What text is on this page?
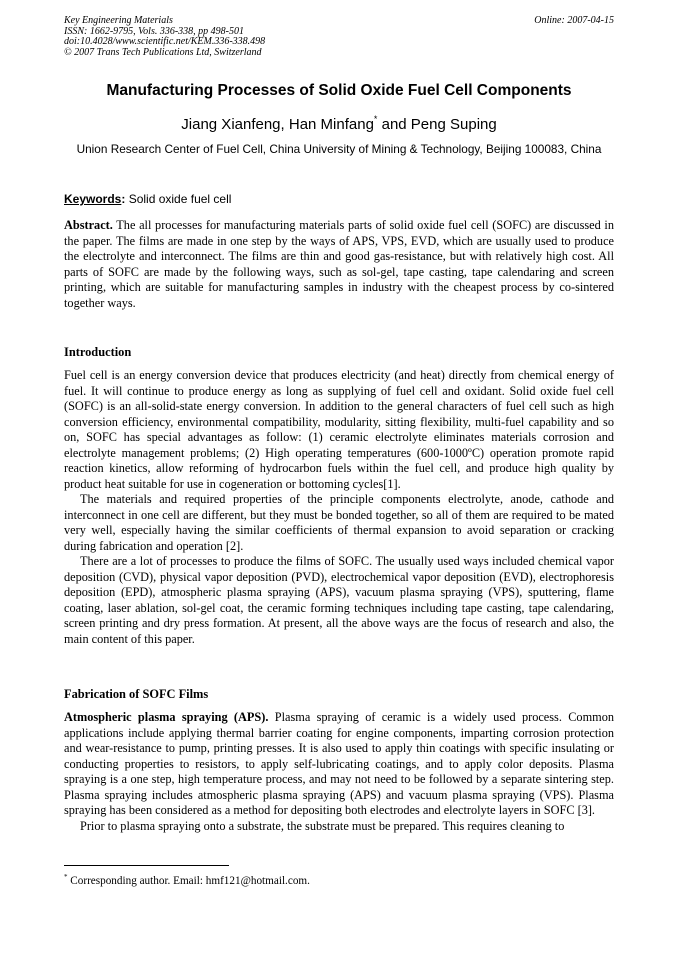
Key Engineering Materials
ISSN: 1662-9795, Vols. 336-338, pp 498-501
doi:10.4028/www.scientific.net/KEM.336-338.498
© 2007 Trans Tech Publications Ltd, Switzerland
Online: 2007-04-15
Manufacturing Processes of Solid Oxide Fuel Cell Components
Jiang Xianfeng, Han Minfang* and Peng Suping
Union Research Center of Fuel Cell, China University of Mining & Technology, Beijing 100083, China
Keywords: Solid oxide fuel cell

Abstract. The all processes for manufacturing materials parts of solid oxide fuel cell (SOFC) are discussed in the paper. The films are made in one step by the ways of APS, VPS, EVD, which are usually used to produce the electrolyte and interconnect. The films are thin and good gas-resistance, but with relatively high cost. All parts of SOFC are made by the following ways, such as sol-gel, tape casting, tape calendaring and screen printing, which are suitable for manufacturing samples in industry with the cheapest process by co-sintered together ways.

Introduction

Fuel cell is an energy conversion device that produces electricity (and heat) directly from chemical energy of fuel. It will continue to produce energy as long as supplying of fuel cell and oxidant. Solid oxide fuel cell (SOFC) is an all-solid-state energy conversion. In addition to the general characters of fuel cell such as high conversion efficiency, environmental compatibility, modularity, sitting flexibility, multi-fuel capability and so on, SOFC has special advantages as follow: (1) ceramic electrolyte eliminates materials corrosion and electrolyte management problems; (2) High operating temperatures (600-1000ºC) operation promote rapid reaction kinetics, allow reforming of hydrocarbon fuels within the fuel cell, and produce high quality by product heat suitable for use in cogeneration or bottoming cycles[1].

The materials and required properties of the principle components electrolyte, anode, cathode and interconnect in one cell are different, but they must be bonded together, so all of them are required to be mated very well, especially having the similar coefficients of thermal expansion to avoid separation or cracking during fabrication and operation [2].

There are a lot of processes to produce the films of SOFC. The usually used ways included chemical vapor deposition (CVD), physical vapor deposition (PVD), electrochemical vapor deposition (EVD), electrophoresis deposition (EPD), atmospheric plasma spraying (APS), vacuum plasma spraying (VPS), sputtering, flame coating, laser ablation, sol-gel coat, the ceramic forming techniques including tape casting, tape calendaring, screen printing and dry press formation. At present, all the above ways are the focus of research and also, the main content of this paper.

Fabrication of SOFC Films

Atmospheric plasma spraying (APS). Plasma spraying of ceramic is a widely used process. Common applications include applying thermal barrier coating for engine components, imparting corrosion protection and wear-resistance to pump, printing presses. It is also used to apply thin coatings with specific insulating or conducting properties to resistors, to apply self-lubricating coatings, and to apply color deposits. Plasma spraying is a one step, high temperature process, and may not need to be followed by a separate sintering step. Plasma spraying includes atmospheric plasma spraying (APS) and vacuum plasma spraying (VPS). Plasma spraying has been considered as a method for depositing both electrodes and electrolyte layers in SOFC [3].

Prior to plasma spraying onto a substrate, the substrate must be prepared. This requires cleaning to

* Corresponding author. Email: hmf121@hotmail.com.
